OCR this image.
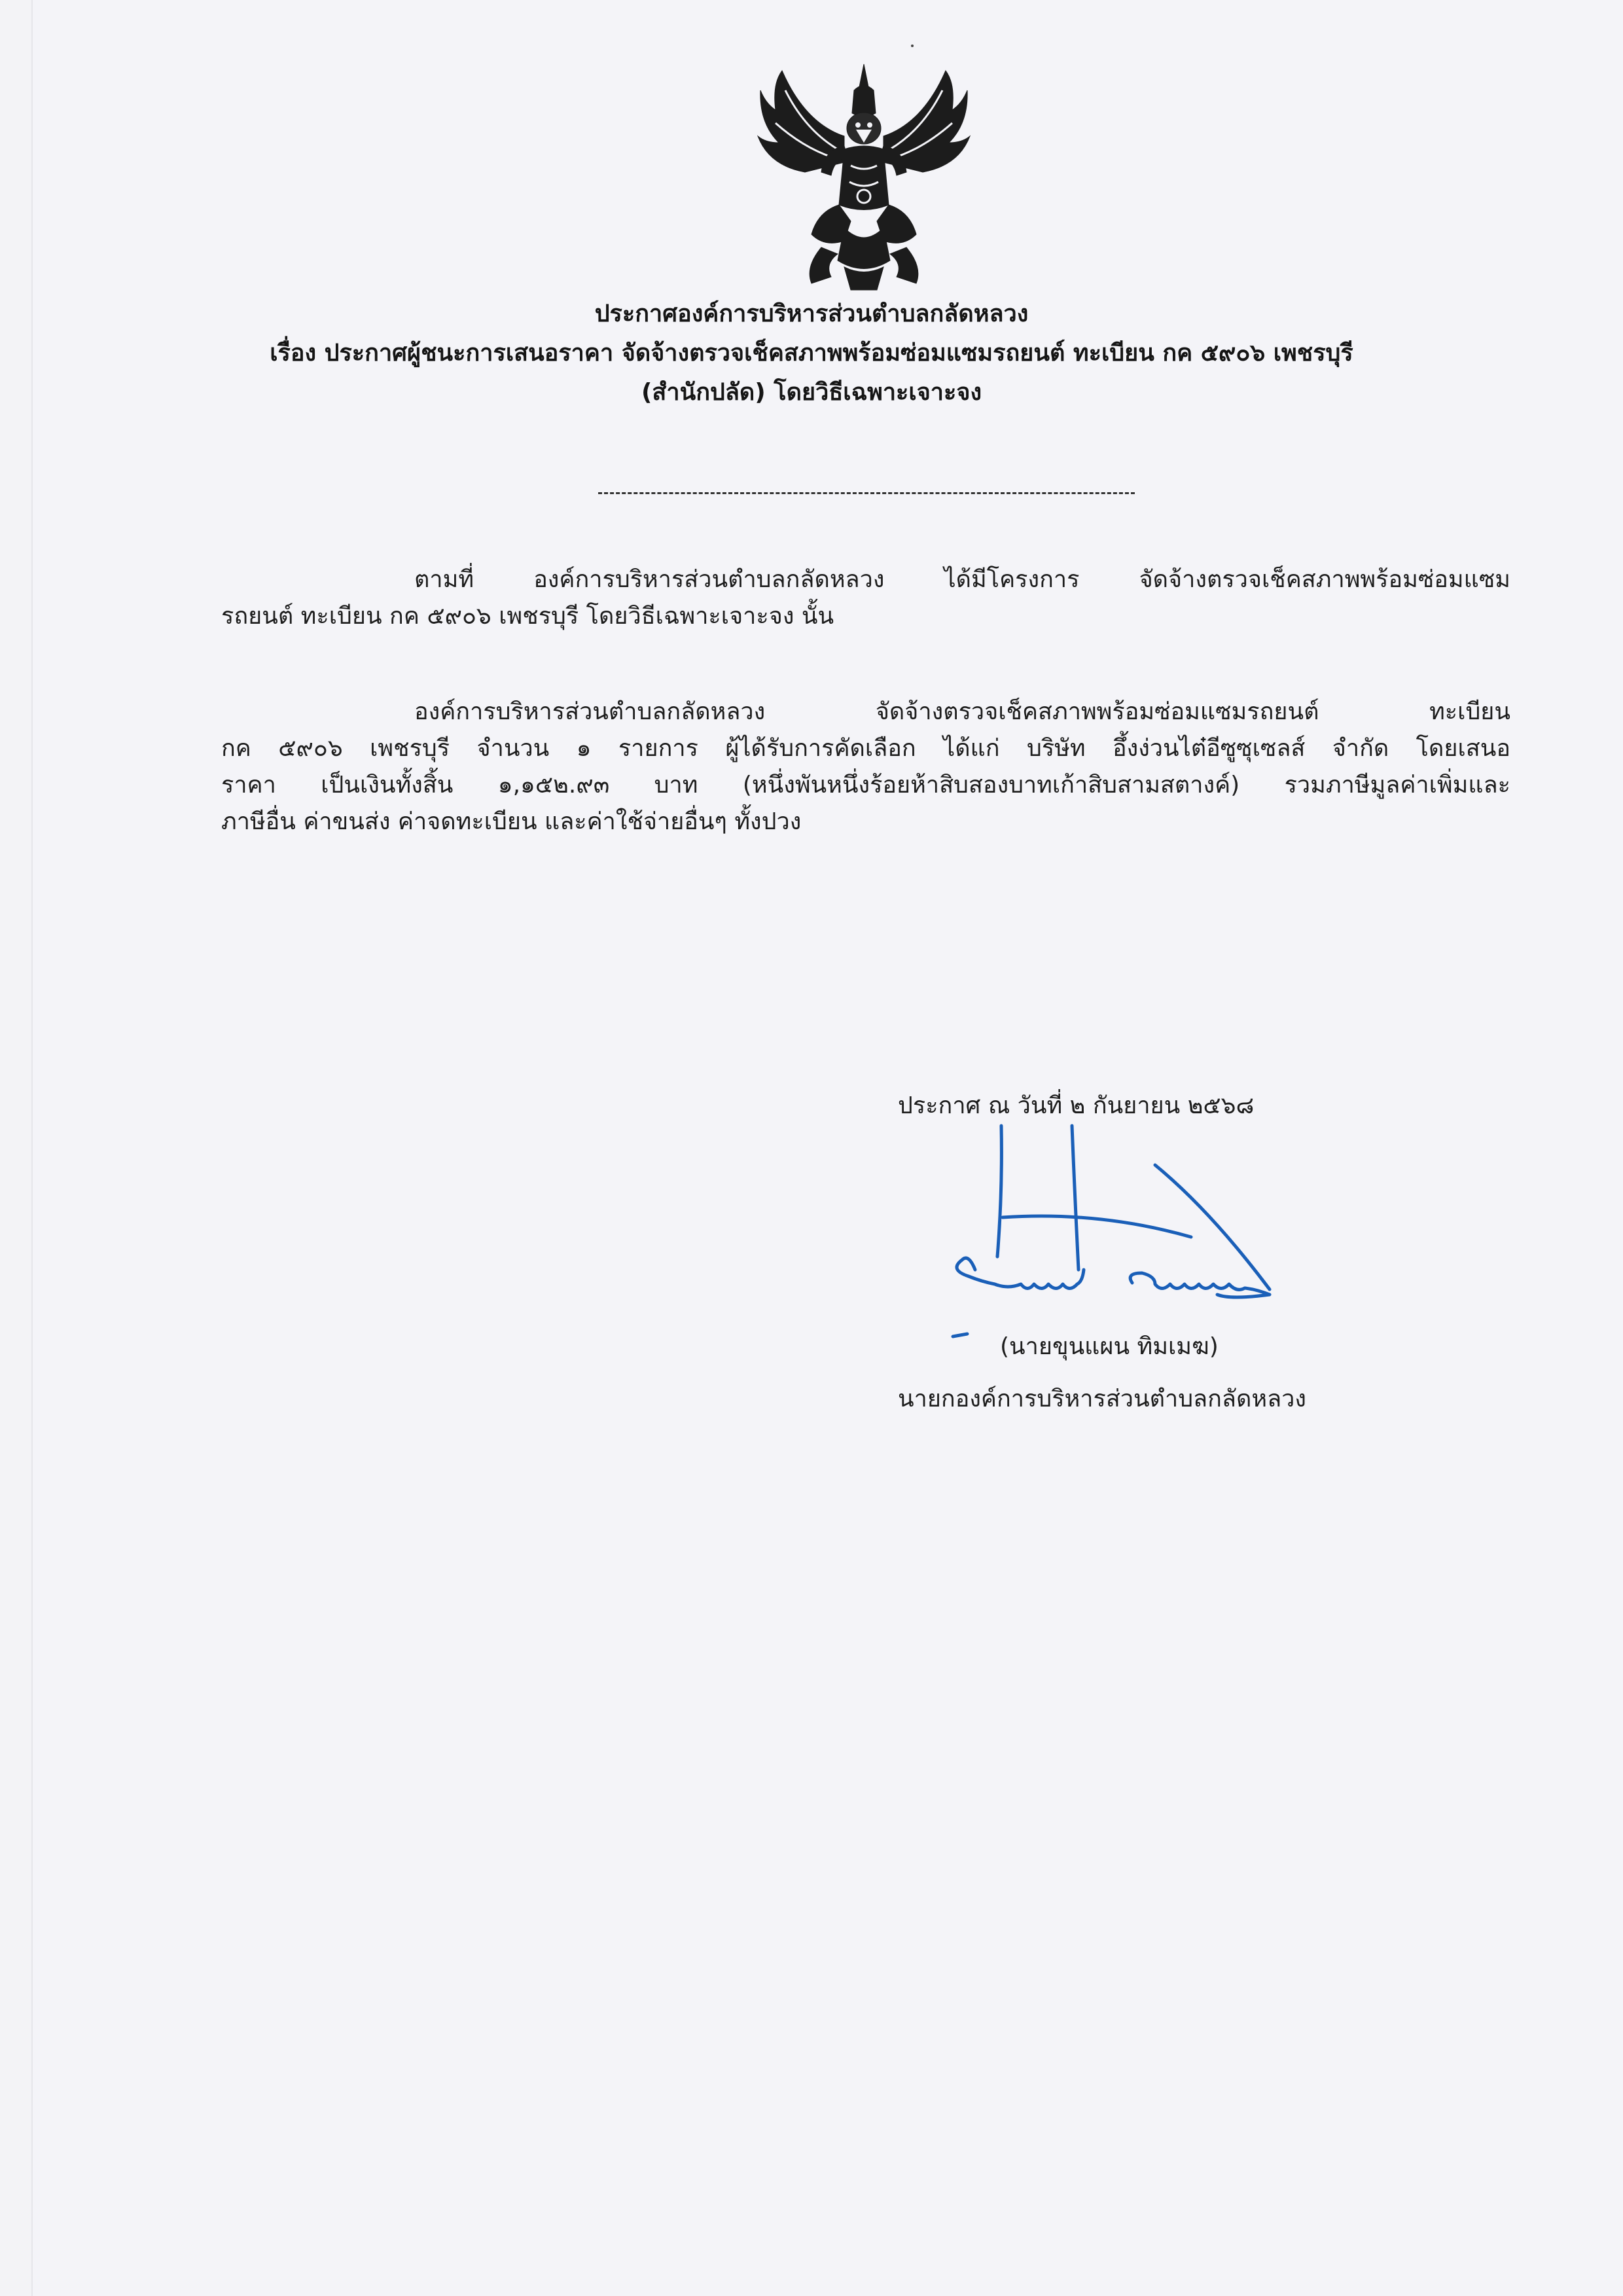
ประกาศองค์การบริหารส่วนตำบลกลัดหลวง
เรื่อง ประกาศผู้ชนะการเสนอราคา จัดจ้างตรวจเช็คสภาพพร้อมซ่อมแซมรถยนต์ ทะเบียน กค ๕๙๐๖ เพชรบุรี
(สำนักปลัด) โดยวิธีเฉพาะเจาะจง
ตามที่ องค์การบริหารส่วนตำบลกลัดหลวง ได้มีโครงการ จัดจ้างตรวจเช็คสภาพพร้อมซ่อมแซม
รถยนต์ ทะเบียน กค ๕๙๐๖ เพชรบุรี โดยวิธีเฉพาะเจาะจง นั้น
องค์การบริหารส่วนตำบลกลัดหลวง จัดจ้างตรวจเช็คสภาพพร้อมซ่อมแซมรถยนต์ ทะเบียน
กค ๕๙๐๖ เพชรบุรี จำนวน ๑ รายการ ผู้ได้รับการคัดเลือก ได้แก่ บริษัท อึ้งง่วนไต๋อีซูซุเซลส์ จำกัด โดยเสนอ
ราคา เป็นเงินทั้งสิ้น ๑,๑๕๒.๙๓ บาท (หนึ่งพันหนึ่งร้อยห้าสิบสองบาทเก้าสิบสามสตางค์) รวมภาษีมูลค่าเพิ่มและ
ภาษีอื่น ค่าขนส่ง ค่าจดทะเบียน และค่าใช้จ่ายอื่นๆ ทั้งปวง
ประกาศ ณ วันที่ ๒ กันยายน ๒๕๖๘
(นายขุนแผน ทิมเมฆ)
นายกองค์การบริหารส่วนตำบลกลัดหลวง
